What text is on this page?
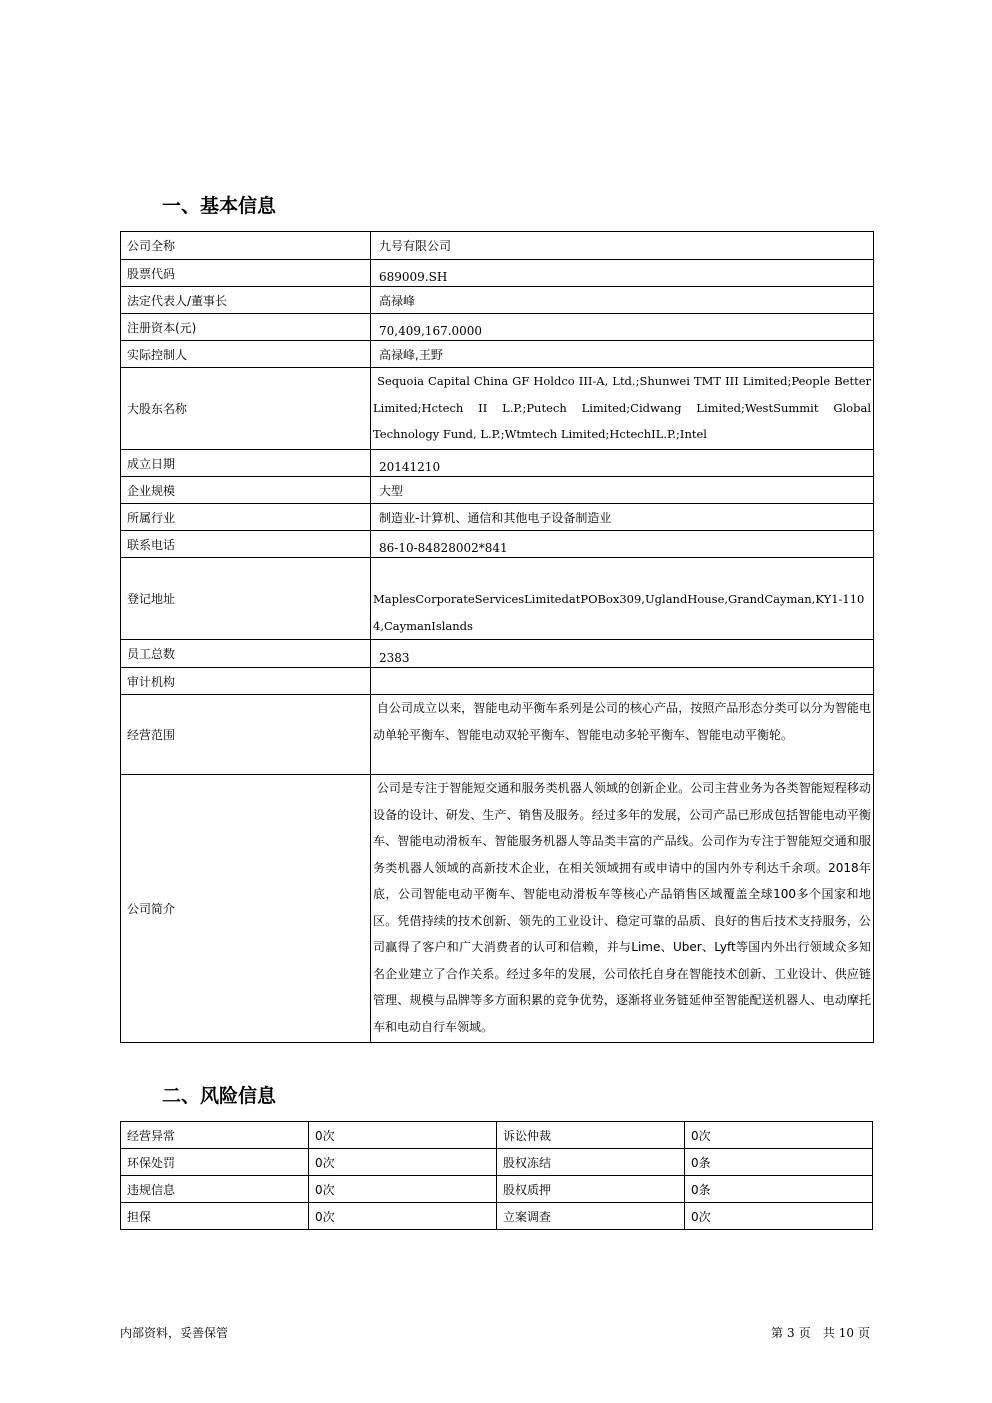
一、基本信息
公司全称	九号有限公司
股票代码	689009.SH
法定代表人/董事长	高禄峰
注册资本(元)	70,409,167.0000
实际控制人	高禄峰,王野
大股东名称	Sequoia Capital China GF Holdco III-A, Ltd.;Shunwei TMT III Limited;People Better Limited;Hctech II L.P.;Putech Limited;Cidwang Limited;WestSummit Global Technology Fund, L.P.;Wtmtech Limited;HctechIL.P.;Intel
成立日期	20141210
企业规模	大型
所属行业	制造业-计算机、通信和其他电子设备制造业
联系电话	86-10-84828002*841
登记地址	MaplesCorporateServicesLimitedatPOBox309,UglandHouse,GrandCayman,KY1-1104,CaymanIslands
员工总数	2383
审计机构	
经营范围	自公司成立以来，智能电动平衡车系列是公司的核心产品，按照产品形态分类可以分为智能电动单轮平衡车、智能电动双轮平衡车、智能电动多轮平衡车、智能电动平衡轮。
公司简介	公司是专注于智能短交通和服务类机器人领域的创新企业。公司主营业务为各类智能短程移动设备的设计、研发、生产、销售及服务。经过多年的发展，公司产品已形成包括智能电动平衡车、智能电动滑板车、智能服务机器人等品类丰富的产品线。公司作为专注于智能短交通和服务类机器人领域的高新技术企业，在相关领域拥有或申请中的国内外专利达千余项。2018年底，公司智能电动平衡车、智能电动滑板车等核心产品销售区域覆盖全球100多个国家和地区。凭借持续的技术创新、领先的工业设计、稳定可靠的品质、良好的售后技术支持服务，公司赢得了客户和广大消费者的认可和信赖，并与Lime、Uber、Lyft等国内外出行领域众多知名企业建立了合作关系。经过多年的发展，公司依托自身在智能技术创新、工业设计、供应链管理、规模与品牌等多方面积累的竞争优势，逐渐将业务链延伸至智能配送机器人、电动摩托车和电动自行车领域。
二、风险信息
经营异常	0次	诉讼仲裁	0次
环保处罚	0次	股权冻结	0条
违规信息	0次	股权质押	0条
担保	0次	立案调查	0次
内部资料，妥善保管	第 3 页　共 10 页
